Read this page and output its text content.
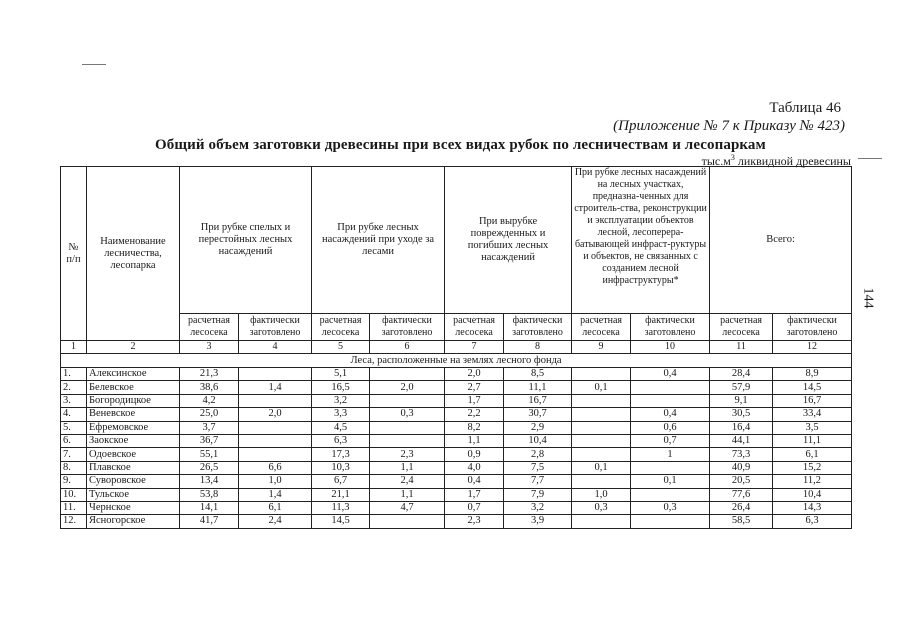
Таблица 46
(Приложение № 7 к Приказу № 423)
Общий объем заготовки древесины при всех видах рубок по лесничествам и лесопаркам
$тыс.м^3$ ликвидной древесины
144
№ п/п	Наименование лесничества, лесопарка	При рубке спелых и перестойных лесных насаждений		При рубке лесных насаждений при уходе за лесами		При вырубке поврежденных и погибших лесных насаждений		При рубке лесных насаждений на лесных участках, предназна-ченных для строитель-ства, реконструкции и эксплуатации объектов лесной, лесоперера-батывающей инфраст-руктуры и объектов, не связанных с созданием лесной инфраструктуры*		Всего:	
		расчетная лесосека	фактически заготовлено	расчетная лесосека	фактически заготовлено	расчетная лесосека	фактически заготовлено	расчетная лесосека	фактически заготовлено	расчетная лесосека	фактически заготовлено
1	2	3	4	5	6	7	8	9	10	11	12
Леса, расположенные на землях лесного фонда											
1.	Алексинское	21,3		5,1		2,0	8,5		0,4	28,4	8,9
2.	Белевское	38,6	1,4	16,5	2,0	2,7	11,1	0,1		57,9	14,5
3.	Богородицкое	4,2		3,2		1,7	16,7			9,1	16,7
4.	Веневское	25,0	2,0	3,3	0,3	2,2	30,7		0,4	30,5	33,4
5.	Ефремовское	3,7		4,5		8,2	2,9		0,6	16,4	3,5
6.	Заокское	36,7		6,3		1,1	10,4		0,7	44,1	11,1
7.	Одоевское	55,1		17,3	2,3	0,9	2,8		1	73,3	6,1
8.	Плавское	26,5	6,6	10,3	1,1	4,0	7,5	0,1		40,9	15,2
9.	Суворовское	13,4	1,0	6,7	2,4	0,4	7,7		0,1	20,5	11,2
10.	Тульское	53,8	1,4	21,1	1,1	1,7	7,9	1,0		77,6	10,4
11.	Чернское	14,1	6,1	11,3	4,7	0,7	3,2	0,3	0,3	26,4	14,3
12.	Ясногорское	41,7	2,4	14,5		2,3	3,9			58,5	6,3
